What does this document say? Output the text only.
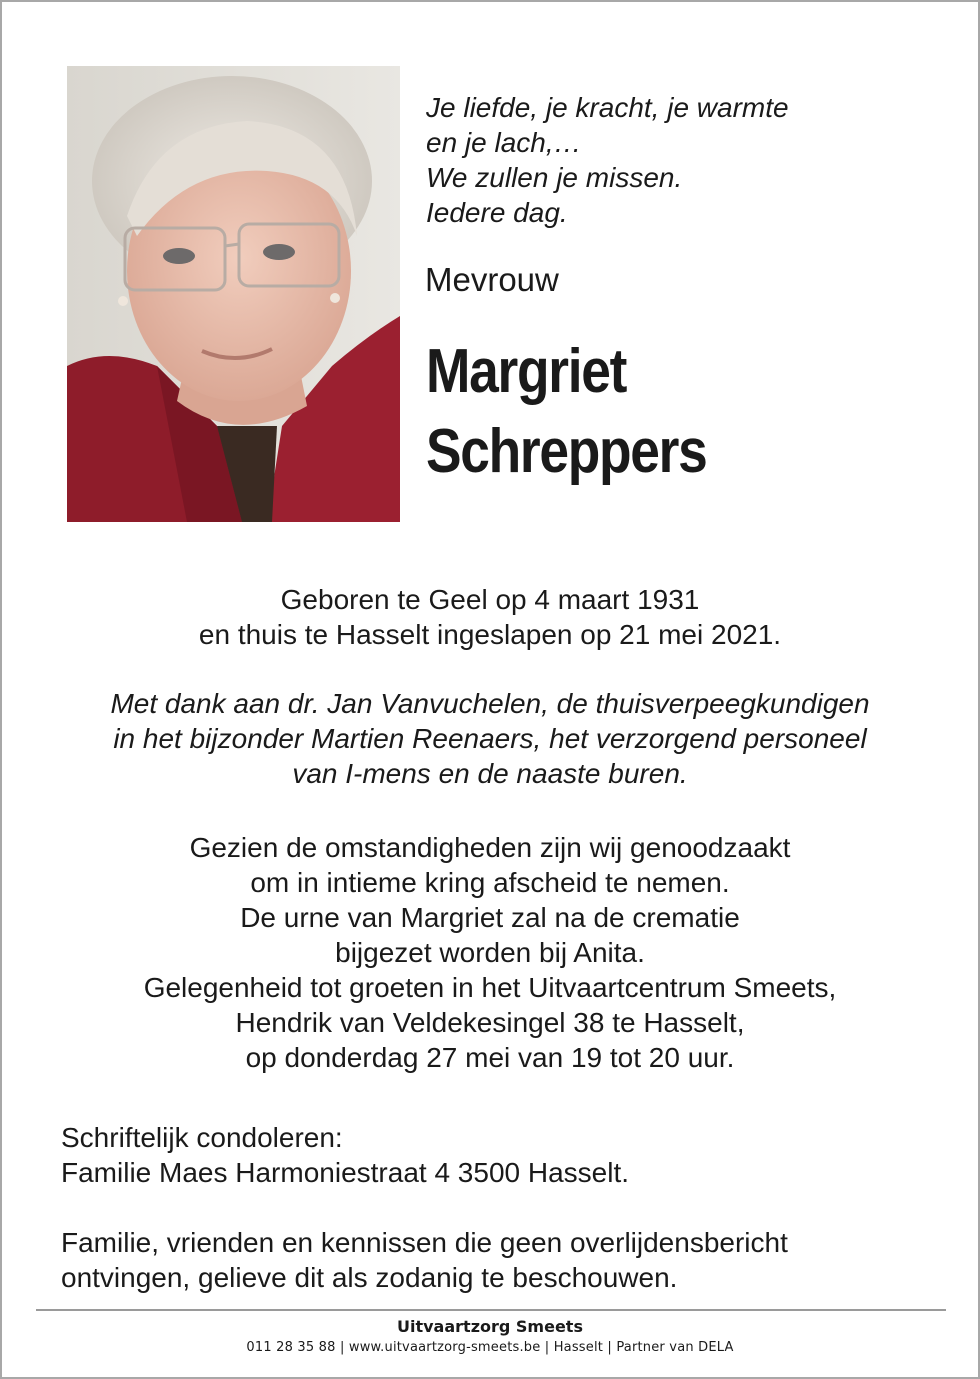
Je liefde, je kracht, je warmte
en je lach,…
We zullen je missen.
Iedere dag.
Mevrouw
Margriet
Schreppers
Geboren te Geel op 4 maart 1931
en thuis te Hasselt ingeslapen op 21 mei 2021.
Met dank aan dr. Jan Vanvuchelen, de thuisverpeegkundigen
in het bijzonder Martien Reenaers, het verzorgend personeel
van I-mens en de naaste buren.
Gezien de omstandigheden zijn wij genoodzaakt
om in intieme kring afscheid te nemen.
De urne van Margriet zal na de crematie
bijgezet worden bij Anita.
Gelegenheid tot groeten in het Uitvaartcentrum Smeets,
Hendrik van Veldekesingel 38 te Hasselt,
op donderdag 27 mei van 19 tot 20 uur.
Schriftelijk condoleren:
Familie Maes Harmoniestraat 4 3500 Hasselt.
Familie, vrienden en kennissen die geen overlijdensbericht
ontvingen, gelieve dit als zodanig te beschouwen.
Uitvaartzorg Smeets
011 28 35 88 | www.uitvaartzorg-smeets.be | Hasselt | Partner van DELA
